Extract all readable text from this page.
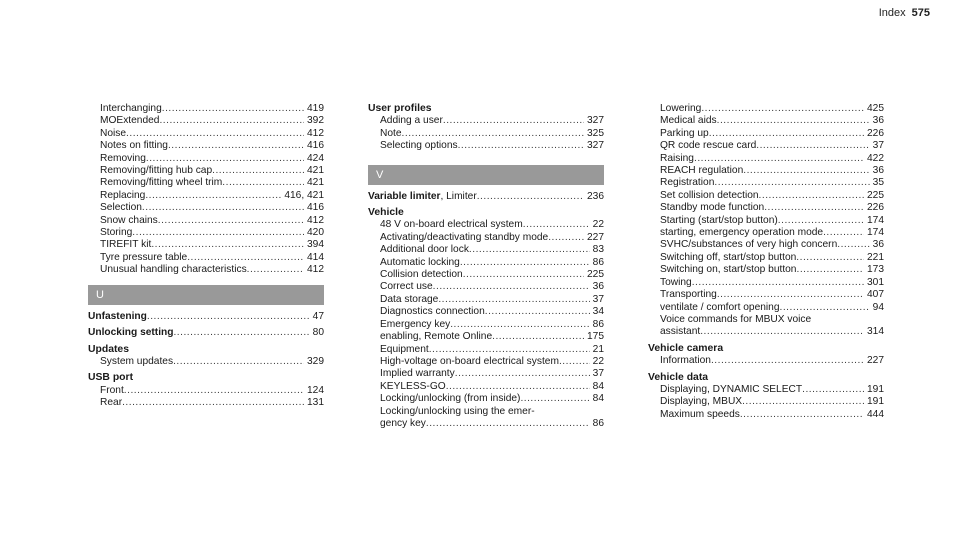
Index 575
Interchanging .....	419
MOExtended .....	392
Noise .....	412
Notes on fitting .....	416
Removing .....	424
Removing/fitting hub cap .....	421
Removing/fitting wheel trim .....	421
Replacing .....	416, 421
Selection .....	416
Snow chains .....	412
Storing .....	420
TIREFIT kit .....	394
Tyre pressure table .....	414
Unusual handling characteristics .....	412
U
Unfastening .....	47
Unlocking setting .....	80
Updates
System updates .....	329
USB port
Front .....	124
Rear .....	131
User profiles
Adding a user .....	327
Note .....	325
Selecting options .....	327
V
Variable limiter, Limiter .....	236
Vehicle
48 V on-board electrical system .....	22
Activating/deactivating standby mode .....	227
Additional door lock .....	83
Automatic locking .....	86
Collision detection .....	225
Correct use .....	36
Data storage .....	37
Diagnostics connection .....	34
Emergency key .....	86
enabling, Remote Online .....	175
Equipment .....	21
High-voltage on-board electrical system .....	22
Implied warranty .....	37
KEYLESS-GO .....	84
Locking/unlocking (from inside) .....	84
Locking/unlocking using the emer-
gency key .....	86
Lowering .....	425
Medical aids .....	36
Parking up .....	226
QR code rescue card .....	37
Raising .....	422
REACH regulation .....	36
Registration .....	35
Set collision detection .....	225
Standby mode function .....	226
Starting (start/stop button) .....	174
starting, emergency operation mode .....	174
SVHC/substances of very high concern .....	36
Switching off, start/stop button .....	221
Switching on, start/stop button .....	173
Towing .....	301
Transporting .....	407
ventilate / comfort opening .....	94
Voice commands for MBUX voice
assistant .....	314
Vehicle camera
Information .....	227
Vehicle data
Displaying, DYNAMIC SELECT .....	191
Displaying, MBUX .....	191
Maximum speeds .....	444
